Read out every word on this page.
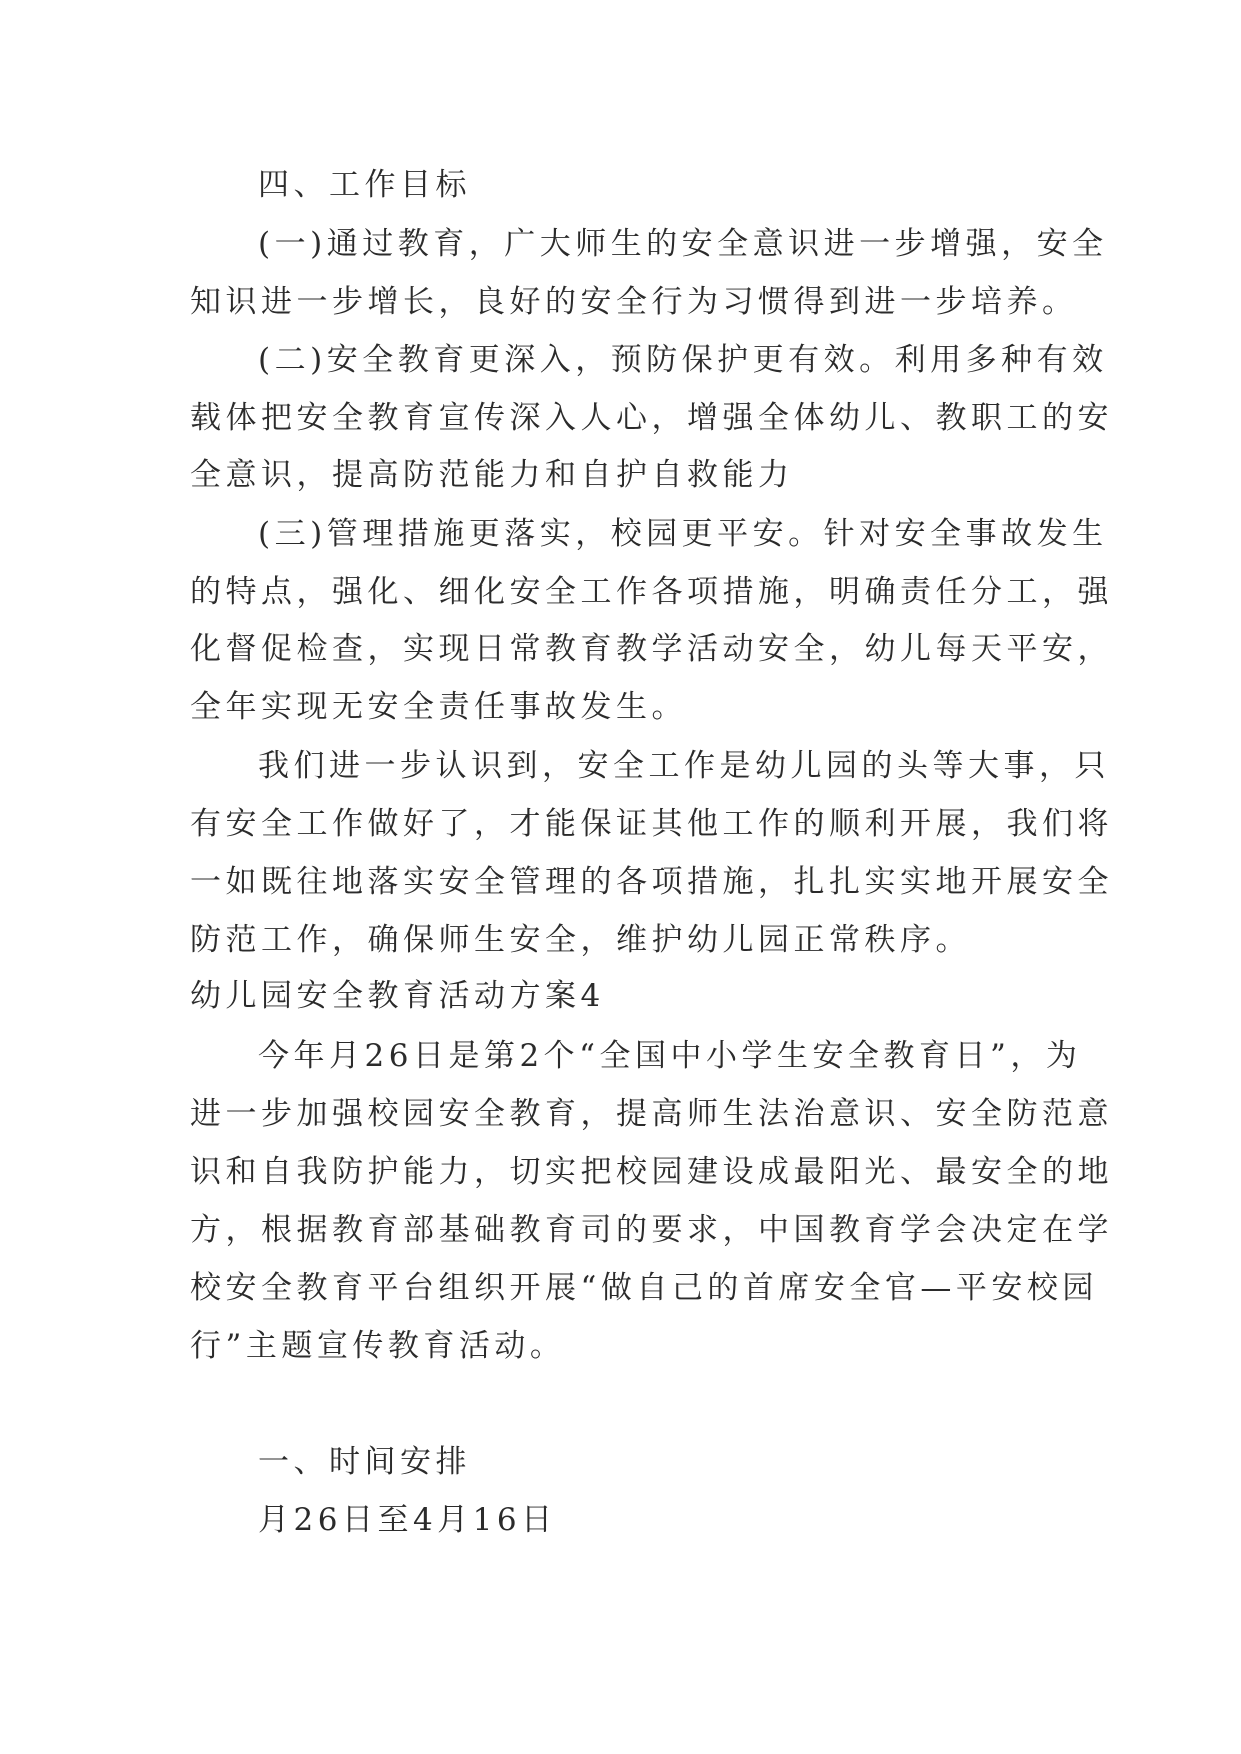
四、工作目标
(一)通过教育，广大师生的安全意识进一步增强，安全
知识进一步增长，良好的安全行为习惯得到进一步培养。
(二)安全教育更深入，预防保护更有效。利用多种有效
载体把安全教育宣传深入人心，增强全体幼儿、教职工的安
全意识，提高防范能力和自护自救能力
(三)管理措施更落实，校园更平安。针对安全事故发生
的特点，强化、细化安全工作各项措施，明确责任分工，强
化督促检查，实现日常教育教学活动安全，幼儿每天平安，
全年实现无安全责任事故发生。
我们进一步认识到，安全工作是幼儿园的头等大事，只
有安全工作做好了，才能保证其他工作的顺利开展，我们将
一如既往地落实安全管理的各项措施，扎扎实实地开展安全
防范工作，确保师生安全，维护幼儿园正常秩序。
幼儿园安全教育活动方案4
今年月26日是第2个“全国中小学生安全教育日”，为
进一步加强校园安全教育，提高师生法治意识、安全防范意
识和自我防护能力，切实把校园建设成最阳光、最安全的地
方，根据教育部基础教育司的要求，中国教育学会决定在学
校安全教育平台组织开展“做自己的首席安全官—平安校园
行”主题宣传教育活动。
一、时间安排
月26日至4月16日
